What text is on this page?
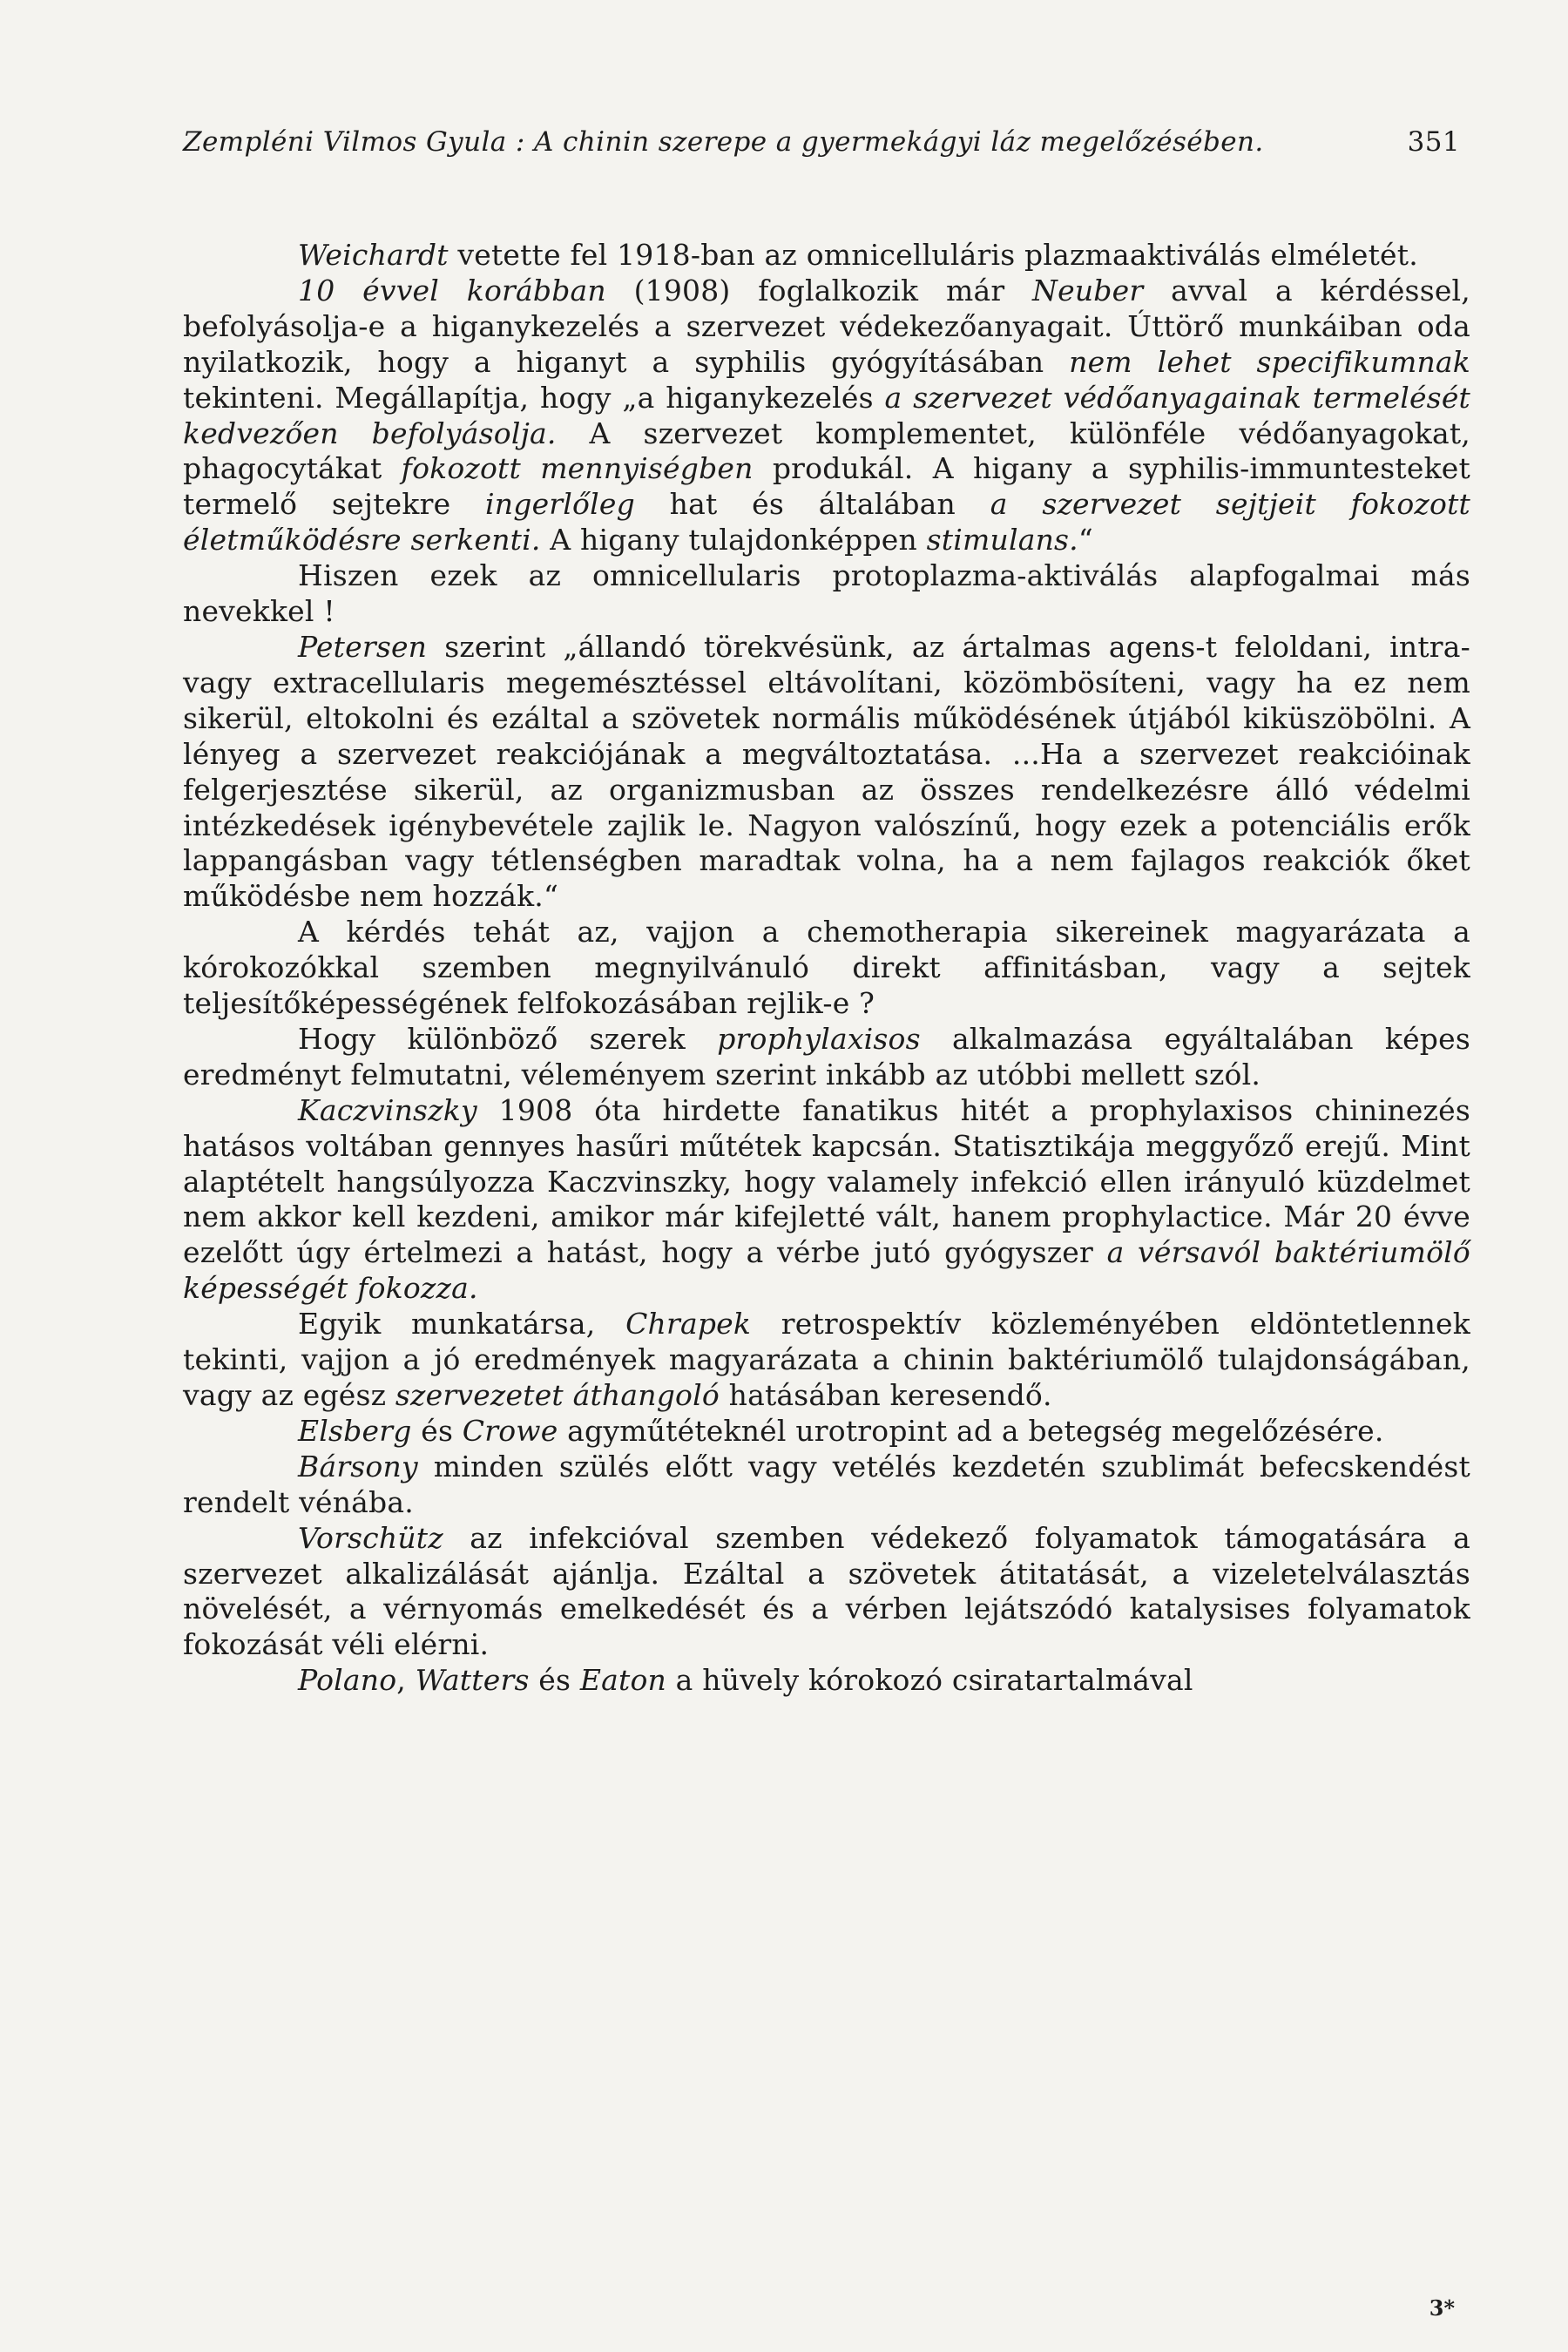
Zempléni Vilmos Gyula : A chinin szerepe a gyermekágyi láz megelőzésében.	351

Weichardt vetette fel 1918-ban az omnicelluláris plazmaaktiválás elméletét.

10 évvel korábban (1908) foglalkozik már Neuber avval a kérdéssel, befolyásolja-e a higanykezelés a szervezet védekezőanyagait. Úttörő munkáiban oda nyilatkozik, hogy a higanyt a syphilis gyógyításában nem lehet specifikumnak tekinteni. Megállapítja, hogy „a higanykezelés a szervezet védőanyagainak termelését kedvezően befolyásolja. A szervezet komplementet, különféle védőanyagokat, phagocytákat fokozott mennyiségben produkál. A higany a syphilis-immuntesteket termelő sejtekre ingerlőleg hat és általában a szervezet sejtjeit fokozott életműködésre serkenti. A higany tulajdonképpen stimulans.“

Hiszen ezek az omnicellularis protoplazma-aktiválás alapfogalmai más nevekkel !

Petersen szerint „állandó törekvésünk, az ártalmas agens-t feloldani, intra- vagy extracellularis megemésztéssel eltávolítani, közömbösíteni, vagy ha ez nem sikerül, eltokolni és ezáltal a szövetek normális működésének útjából kiküszöbölni. A lényeg a szervezet reakciójának a megváltoztatása. ...Ha a szervezet reakcióinak felgerjesztése sikerül, az organizmusban az összes rendelkezésre álló védelmi intézkedések igénybevétele zajlik le. Nagyon valószínű, hogy ezek a potenciális erők lappangásban vagy tétlenségben maradtak volna, ha a nem fajlagos reakciók őket működésbe nem hozzák.“

A kérdés tehát az, vajjon a chemotherapia sikereinek magyarázata a kórokozókkal szemben megnyilvánuló direkt affinitásban, vagy a sejtek teljesítőképességének felfokozásában rejlik-e ?

Hogy különböző szerek prophylaxisos alkalmazása egyáltalában képes eredményt felmutatni, véleményem szerint inkább az utóbbi mellett szól.

Kaczvinszky 1908 óta hirdette fanatikus hitét a prophylaxisos chininezés hatásos voltában gennyes hasűri műtétek kapcsán. Statisztikája meggyőző erejű. Mint alaptételt hangsúlyozza Kaczvinszky, hogy valamely infekció ellen irányuló küzdelmet nem akkor kell kezdeni, amikor már kifejletté vált, hanem prophylactice. Már 20 évve ezelőtt úgy értelmezi a hatást, hogy a vérbe jutó gyógyszer a vérsavól baktériumölő képességét fokozza.

Egyik munkatársa, Chrapek retrospektív közleményében eldöntetlennek tekinti, vajjon a jó eredmények magyarázata a chinin baktériumölő tulajdonságában, vagy az egész szervezetet áthangoló hatásában keresendő.

Elsberg és Crowe agyműtéteknél urotropint ad a betegség megelőzésére.

Bársony minden szülés előtt vagy vetélés kezdetén szublimát befecskendést rendelt vénába.

Vorschütz az infekcióval szemben védekező folyamatok támogatására a szervezet alkalizálását ajánlja. Ezáltal a szövetek átitatását, a vizeletelválasztás növelését, a vérnyomás emelkedését és a vérben lejátszódó katalysises folyamatok fokozását véli elérni.

Polano, Watters és Eaton a hüvely kórokozó csiratartalmával

3*
